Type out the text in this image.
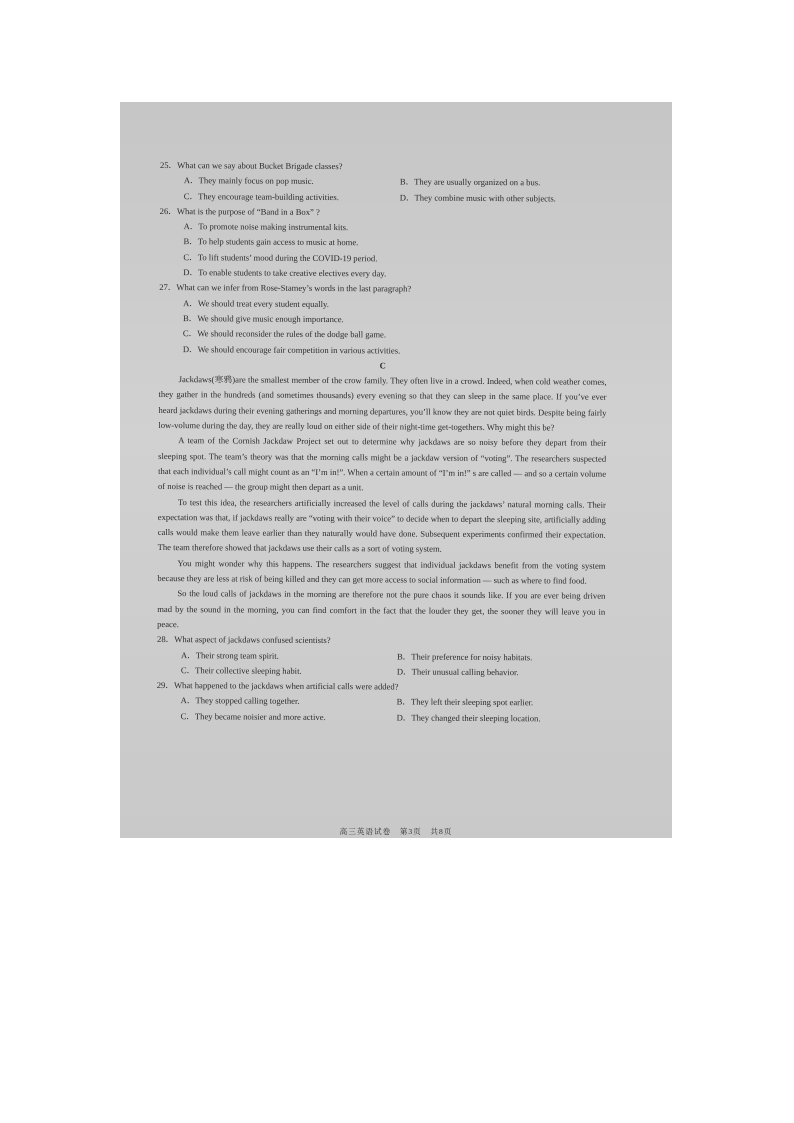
25．What can we say about Bucket Brigade classes?
A．They mainly focus on pop music.	B．They are usually organized on a bus.
C．They encourage team-building activities.	D．They combine music with other subjects.
26．What is the purpose of “Band in a Box” ?
A．To promote noise making instrumental kits.
B．To help students gain access to music at home.
C．To lift students’ mood during the COVID-19 period.
D．To enable students to take creative electives every day.
27．What can we infer from Rose-Stamey’s words in the last paragraph?
A．We should treat every student equally.
B．We should give music enough importance.
C．We should reconsider the rules of the dodge ball game.
D．We should encourage fair competition in various activities.
C
Jackdaws(寒鸦)are the smallest member of the crow family. They often live in a crowd. Indeed, when cold weather comes, they gather in the hundreds (and sometimes thousands) every evening so that they can sleep in the same place. If you’ve ever heard jackdaws during their evening gatherings and morning departures, you’ll know they are not quiet birds. Despite being fairly low-volume during the day, they are really loud on either side of their night-time get-togethers. Why might this be?
A team of the Cornish Jackdaw Project set out to determine why jackdaws are so noisy before they depart from their sleeping spot. The team’s theory was that the morning calls might be a jackdaw version of “voting”. The researchers suspected that each individual’s call might count as an “I’m in!”. When a certain amount of “I’m in!” s are called — and so a certain volume of noise is reached — the group might then depart as a unit.
To test this idea, the researchers artificially increased the level of calls during the jackdaws’ natural morning calls. Their expectation was that, if jackdaws really are “voting with their voice” to decide when to depart the sleeping site, artificially adding calls would make them leave earlier than they naturally would have done. Subsequent experiments confirmed their expectation. The team therefore showed that jackdaws use their calls as a sort of voting system.
You might wonder why this happens. The researchers suggest that individual jackdaws benefit from the voting system because they are less at risk of being killed and they can get more access to social information — such as where to find food.
So the loud calls of jackdaws in the morning are therefore not the pure chaos it sounds like. If you are ever being driven mad by the sound in the morning, you can find comfort in the fact that the louder they get, the sooner they will leave you in peace.
28．What aspect of jackdaws confused scientists?
A．Their strong team spirit.	B．Their preference for noisy habitats.
C．Their collective sleeping habit.	D．Their unusual calling behavior.
29．What happened to the jackdaws when artificial calls were added?
A．They stopped calling together.	B．They left their sleeping spot earlier.
C．They became noisier and more active.	D．They changed their sleeping location.
高三英语试卷　第3页　共8页
